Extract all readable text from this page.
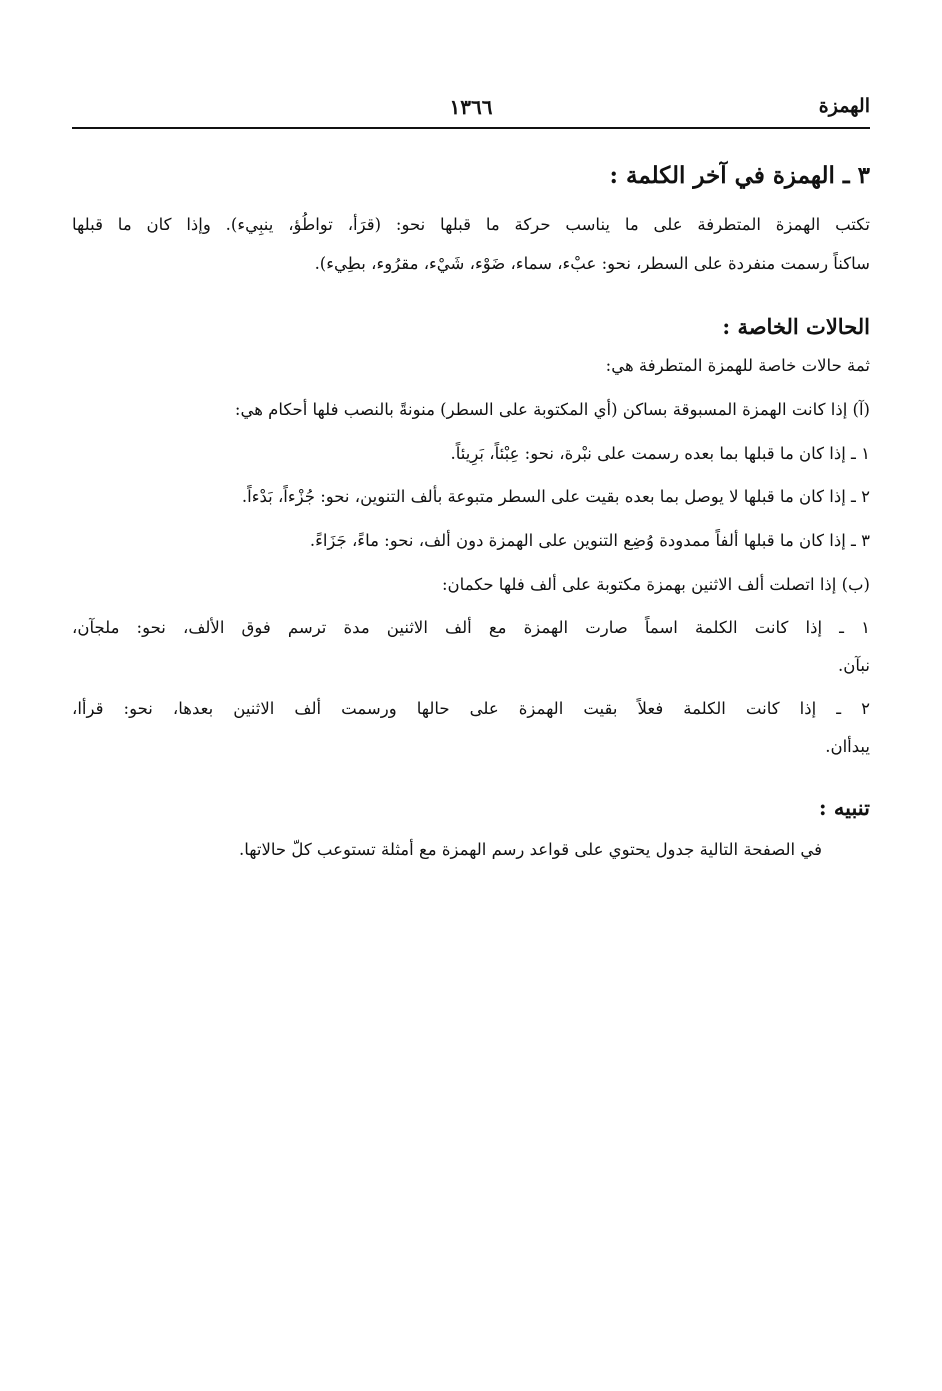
الهمزة
١٣٦٦
٣ ـ الهمزة في آخر الكلمة :
تكتب الهمزة المتطرفة على ما يناسب حركة ما قبلها نحو: (قرَأ، تواطُؤ، ينبِيء). وإذا كان ما قبلها
ساكناً رسمت منفردة على السطر، نحو: عبْء، سماء، ضَوْء، شَيْء، مقرُوء، بطِيء).
الحالات الخاصة :
ثمة حالات خاصة للهمزة المتطرفة هي:
(آ) إذا كانت الهمزة المسبوقة بساكن (أي المكتوبة على السطر) منونةً بالنصب فلها أحكام هي:
١ ـ إذا كان ما قبلها بما بعده رسمت على نبْرة، نحو: عِبْئاً، بَرِيئاً.
٢ ـ إذا كان ما قبلها لا يوصل بما بعده بقيت على السطر متبوعة بألف التنوين، نحو: جُزْءاً، بَدْءاً.
٣ ـ إذا كان ما قبلها ألفاً ممدودة وُضِع التنوين على الهمزة دون ألف، نحو: ماءً، جَزَاءً.
(ب) إذا اتصلت ألف الاثنين بهمزة مكتوبة على ألف فلها حكمان:
١ ـ إذا كانت الكلمة اسماً صارت الهمزة مع ألف الاثنين مدة ترسم فوق الألف، نحو: ملجآن،
نبآن.
٢ ـ إذا كانت الكلمة فعلاً بقيت الهمزة على حالها ورسمت ألف الاثنين بعدها، نحو: قرأا،
يبدأان.
تنبيه :
في الصفحة التالية جدول يحتوي على قواعد رسم الهمزة مع أمثلة تستوعب كلّ حالاتها.
